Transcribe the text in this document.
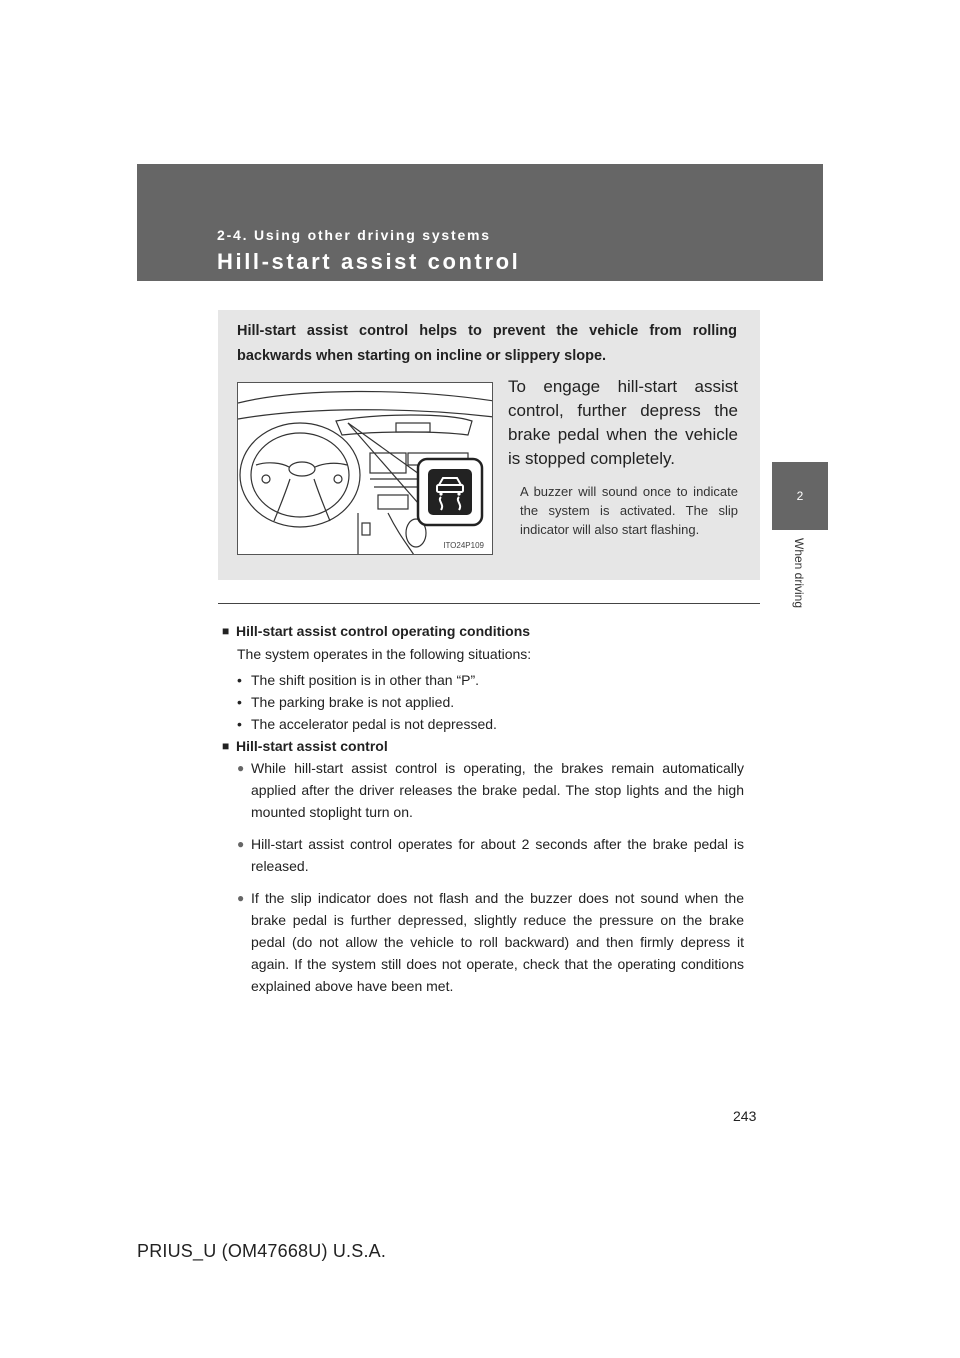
2-4. Using other driving systems
Hill-start assist control
2
When driving
Hill-start assist control helps to prevent the vehicle from rolling backwards when starting on incline or slippery slope.
ITO24P109
To engage hill-start assist control, further depress the brake pedal when the vehicle is stopped completely.
A buzzer will sound once to indicate the system is activated. The slip indicator will also start flashing.
■ Hill-start assist control operating conditions
The system operates in the following situations:
• The shift position is in other than “P”.
• The parking brake is not applied.
• The accelerator pedal is not depressed.
■ Hill-start assist control
● While hill-start assist control is operating, the brakes remain automatically applied after the driver releases the brake pedal. The stop lights and the high mounted stoplight turn on.
● Hill-start assist control operates for about 2 seconds after the brake pedal is released.
● If the slip indicator does not flash and the buzzer does not sound when the brake pedal is further depressed, slightly reduce the pressure on the brake pedal (do not allow the vehicle to roll backward) and then firmly depress it again. If the system still does not operate, check that the operating conditions explained above have been met.
243
PRIUS_U (OM47668U) U.S.A.
